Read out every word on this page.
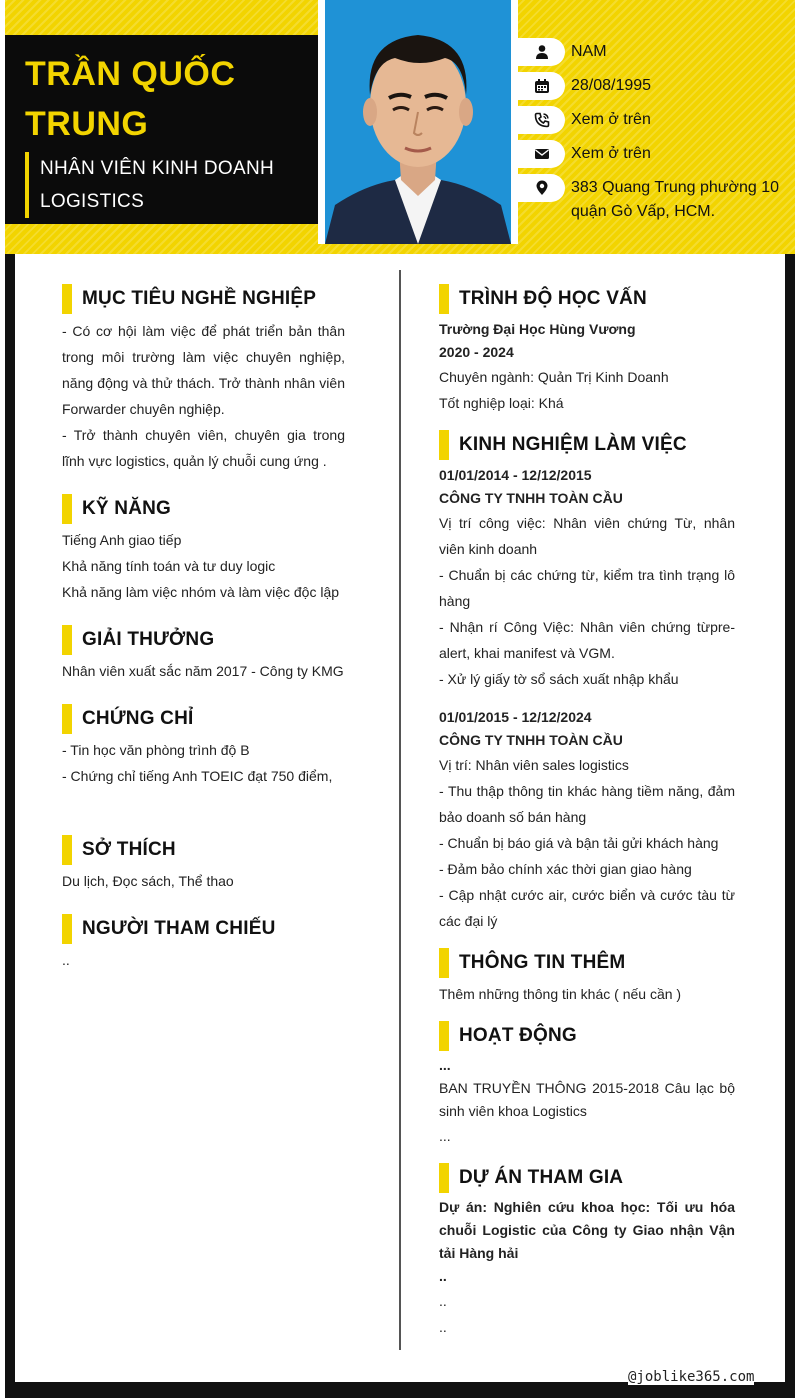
TRẦN QUỐC
TRUNG
NHÂN VIÊN KINH DOANH
LOGISTICS
NAM
28/08/1995
Xem ở trên
Xem ở trên
383 Quang Trung phường 10
quận Gò Vấp, HCM.
MỤC TIÊU NGHỀ NGHIỆP
- Có cơ hội làm việc để phát triển bản thân trong môi trường làm việc chuyên nghiệp, năng động và thử thách. Trở thành nhân viên Forwarder chuyên nghiệp.
- Trở thành chuyên viên, chuyên gia trong lĩnh vực logistics, quản lý chuỗi cung ứng .
KỸ NĂNG
Tiếng Anh giao tiếp
Khả năng tính toán và tư duy logic
Khả năng làm việc nhóm và làm việc độc lập
GIẢI THƯỞNG
Nhân viên xuất sắc năm 2017 - Công ty KMG
CHỨNG CHỈ
- Tin học văn phòng trình độ B
- Chứng chỉ tiếng Anh TOEIC đạt 750 điểm,
SỞ THÍCH
Du lịch, Đọc sách, Thể thao
NGƯỜI THAM CHIẾU
..
TRÌNH ĐỘ HỌC VẤN
Trường Đại Học Hùng Vương
2020 - 2024
Chuyên ngành: Quản Trị Kinh Doanh
Tốt nghiệp loại: Khá
KINH NGHIỆM LÀM VIỆC
01/01/2014 - 12/12/2015
CÔNG TY TNHH TOÀN CẦU
Vị trí công việc: Nhân viên chứng Từ, nhân viên kinh doanh
- Chuẩn bị các chứng từ, kiểm tra tình trạng lô hàng
- Nhận rí Công Việc: Nhân viên chứng từpre-alert, khai manifest và VGM.
- Xử lý giấy tờ sổ sách xuất nhập khẩu
01/01/2015 - 12/12/2024
CÔNG TY TNHH TOÀN CẦU
Vị trí: Nhân viên sales logistics
- Thu thập thông tin khác hàng tiềm năng, đảm bảo doanh số bán hàng
- Chuẩn bị báo giá và bận tải gửi khách hàng
- Đảm bảo chính xác thời gian giao hàng
- Cập nhật cước air, cước biển và cước tàu từ các đại lý
THÔNG TIN THÊM
Thêm những thông tin khác ( nếu cần )
HOẠT ĐỘNG
...
BAN TRUYỀN THÔNG 2015-2018 Câu lạc bộ sinh viên khoa Logistics
...
DỰ ÁN THAM GIA
Dự án: Nghiên cứu khoa học: Tối ưu hóa chuỗi Logistic của Công ty Giao nhận Vận tải Hàng hải
..
..
..
@joblike365.com
